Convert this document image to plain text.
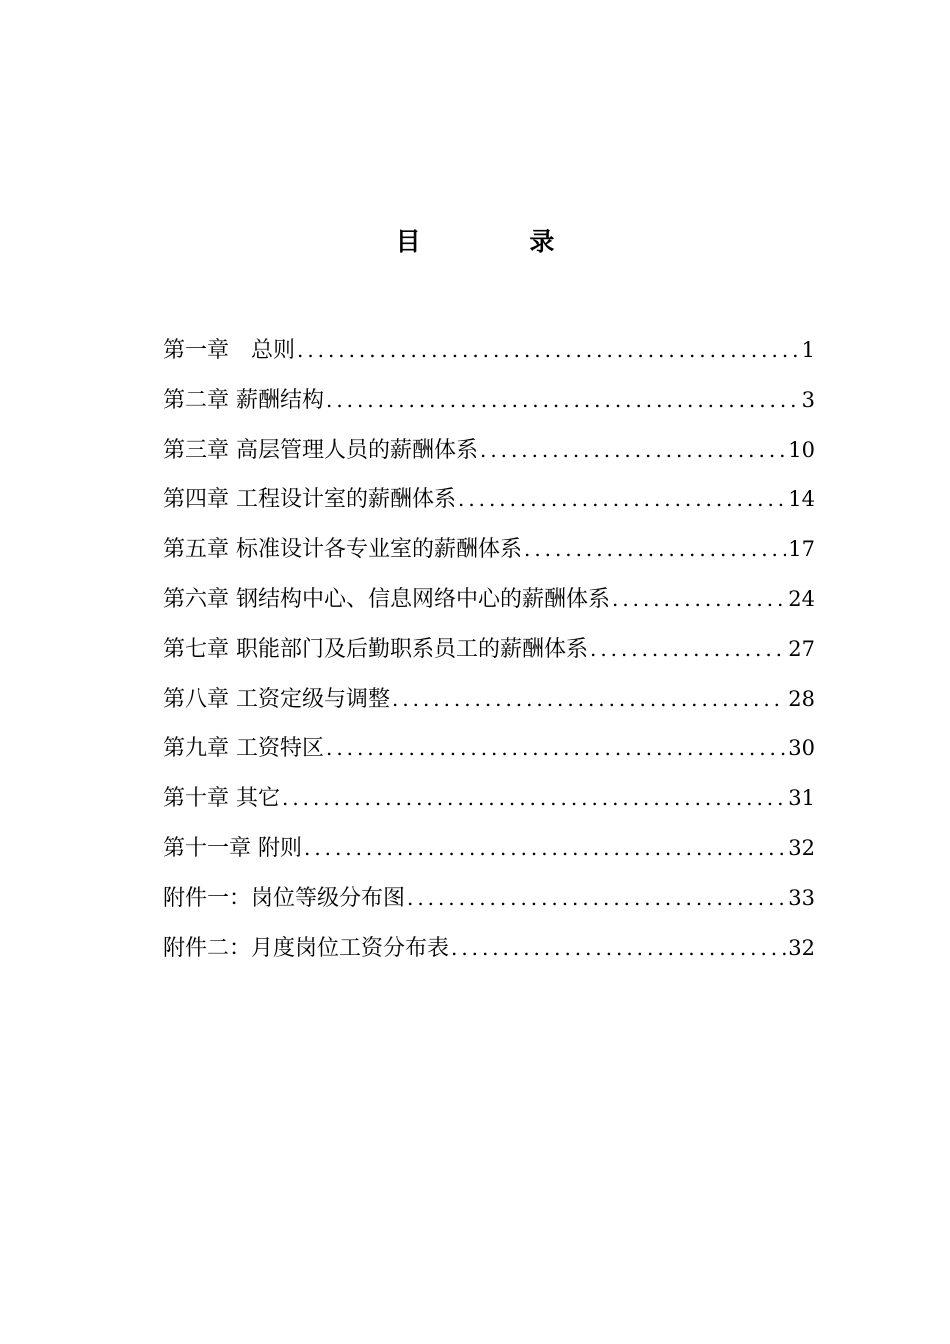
目 录
第一章　总则 . . .	1
第二章 薪酬结构 . . .	3
第三章 高层管理人员的薪酬体系 . . .	10
第四章 工程设计室的薪酬体系 . . .	14
第五章 标准设计各专业室的薪酬体系 . . .	17
第六章 钢结构中心、信息网络中心的薪酬体系 . . .	24
第七章 职能部门及后勤职系员工的薪酬体系 . . .	27
第八章 工资定级与调整 . . .	28
第九章 工资特区 . . .	30
第十章 其它 . . .	31
第十一章 附则 . . .	32
附件一：岗位等级分布图 . . .	33
附件二：月度岗位工资分布表 . . .	32
